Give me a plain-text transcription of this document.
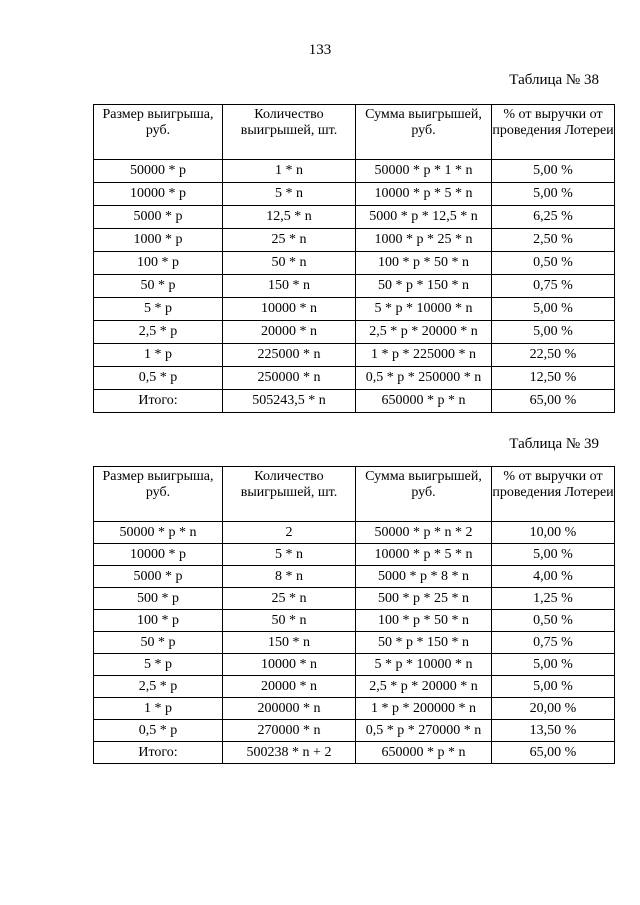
133
Таблица № 38
Размер выигрыша, руб.	Количество выигрышей, шт.	Сумма выигрышей, руб.	% от выручки от проведения Лотереи
50000 * p	1 * n	50000 * p * 1 * n	5,00 %
10000 * p	5 * n	10000 * p * 5 * n	5,00 %
5000 * p	12,5 * n	5000 * p * 12,5 * n	6,25 %
1000 * p	25 * n	1000 * p * 25 * n	2,50 %
100 * p	50 * n	100 * p * 50 * n	0,50 %
50 * p	150 * n	50 * p * 150 * n	0,75 %
5 * p	10000 * n	5 * p * 10000 * n	5,00 %
2,5 * p	20000 * n	2,5 * p * 20000 * n	5,00 %
1 * p	225000 * n	1 * p * 225000 * n	22,50 %
0,5 * p	250000 * n	0,5 * p * 250000 * n	12,50 %
Итого:	505243,5 * n	650000 * p * n	65,00 %
Таблица № 39
Размер выигрыша, руб.	Количество выигрышей, шт.	Сумма выигрышей, руб.	% от выручки от проведения Лотереи
50000 * p * n	2	50000 * p * n * 2	10,00 %
10000 * p	5 * n	10000 * p * 5 * n	5,00 %
5000 * p	8 * n	5000 * p * 8 * n	4,00 %
500 * p	25 * n	500 * p * 25 * n	1,25 %
100 * p	50 * n	100 * p * 50 * n	0,50 %
50 * p	150 * n	50 * p * 150 * n	0,75 %
5 * p	10000 * n	5 * p * 10000 * n	5,00 %
2,5 * p	20000 * n	2,5 * p * 20000 * n	5,00 %
1 * p	200000 * n	1 * p * 200000 * n	20,00 %
0,5 * p	270000 * n	0,5 * p * 270000 * n	13,50 %
Итого:	500238 * n + 2	650000 * p * n	65,00 %
